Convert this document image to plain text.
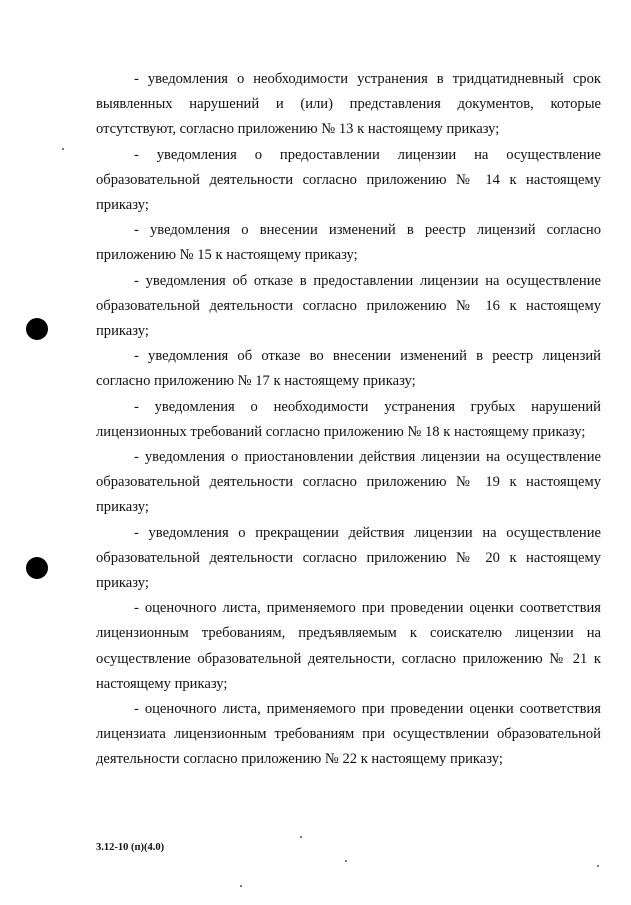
- уведомления о необходимости устранения в тридцатидневный срок выявленных нарушений и (или) представления документов, которые отсутствуют, согласно приложению № 13 к настоящему приказу;

- уведомления о предоставлении лицензии на осуществление образовательной деятельности согласно приложению № 14 к настоящему приказу;

- уведомления о внесении изменений в реестр лицензий согласно приложению № 15 к настоящему приказу;

- уведомления об отказе в предоставлении лицензии на осуществление образовательной деятельности согласно приложению № 16 к настоящему приказу;

- уведомления об отказе во внесении изменений в реестр лицензий согласно приложению № 17 к настоящему приказу;

- уведомления о необходимости устранения грубых нарушений лицензионных требований согласно приложению № 18 к настоящему приказу;

- уведомления о приостановлении действия лицензии на осуществление образовательной деятельности согласно приложению № 19 к настоящему приказу;

- уведомления о прекращении действия лицензии на осуществление образовательной деятельности согласно приложению № 20 к настоящему приказу;

- оценочного листа, применяемого при проведении оценки соответствия лицензионным требованиям, предъявляемым к соискателю лицензии на осуществление образовательной деятельности, согласно приложению № 21 к настоящему приказу;

- оценочного листа, применяемого при проведении оценки соответствия лицензиата лицензионным требованиям при осуществлении образовательной деятельности согласно приложению № 22 к настоящему приказу;

3.12-10 (п)(4.0)
